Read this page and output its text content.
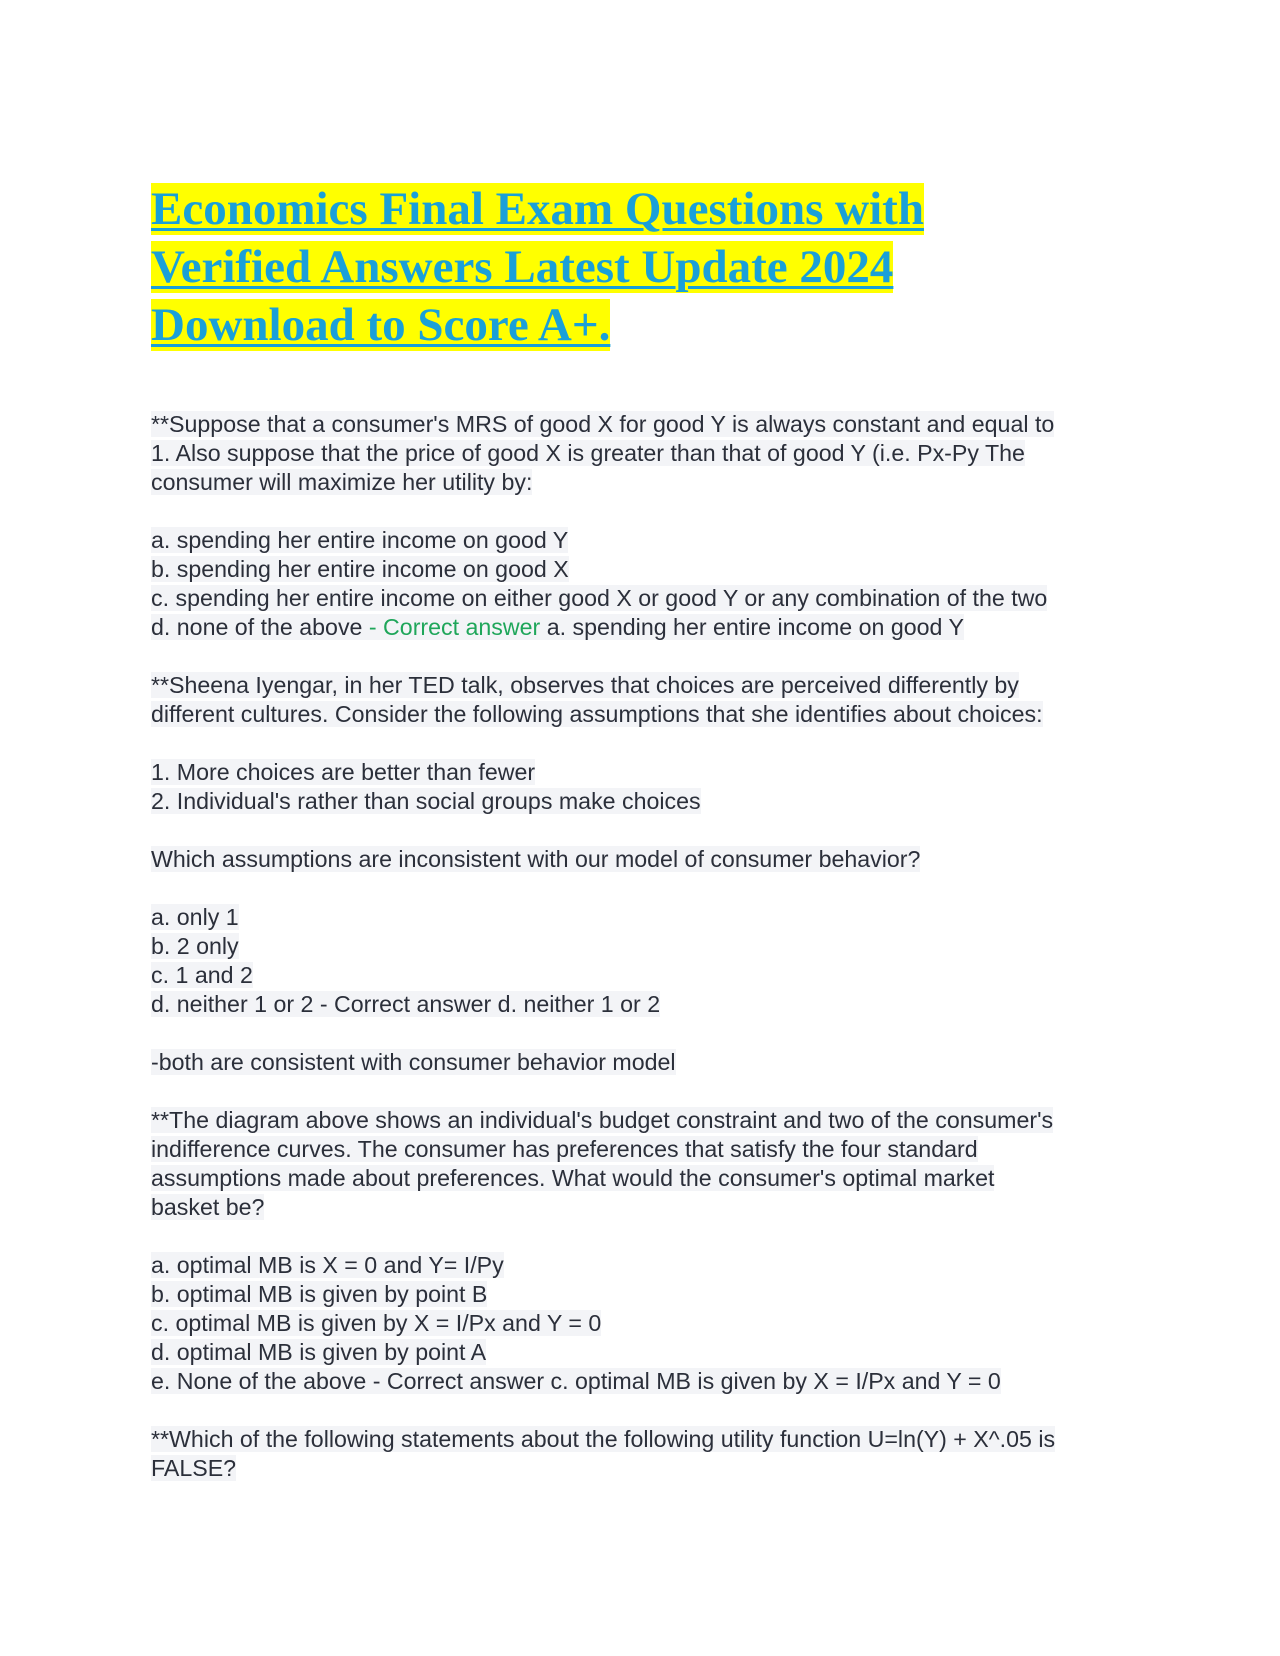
Economics Final Exam Questions with
Verified Answers Latest Update 2024
Download to Score A+.
**Suppose that a consumer's MRS of good X for good Y is always constant and equal to
1. Also suppose that the price of good X is greater than that of good Y (i.e. Px-Py The
consumer will maximize her utility by:
a. spending her entire income on good Y
b. spending her entire income on good X
c. spending her entire income on either good X or good Y or any combination of the two
d. none of the above - Correct answer a. spending her entire income on good Y
**Sheena Iyengar, in her TED talk, observes that choices are perceived differently by
different cultures. Consider the following assumptions that she identifies about choices:
1. More choices are better than fewer
2. Individual's rather than social groups make choices
Which assumptions are inconsistent with our model of consumer behavior?
a. only 1
b. 2 only
c. 1 and 2
d. neither 1 or 2 - Correct answer d. neither 1 or 2
-both are consistent with consumer behavior model
**The diagram above shows an individual's budget constraint and two of the consumer's
indifference curves. The consumer has preferences that satisfy the four standard
assumptions made about preferences. What would the consumer's optimal market
basket be?
a. optimal MB is X = 0 and Y= I/Py
b. optimal MB is given by point B
c. optimal MB is given by X = I/Px and Y = 0
d. optimal MB is given by point A
e. None of the above - Correct answer c. optimal MB is given by X = I/Px and Y = 0
**Which of the following statements about the following utility function U=ln(Y) + X^.05 is
FALSE?
